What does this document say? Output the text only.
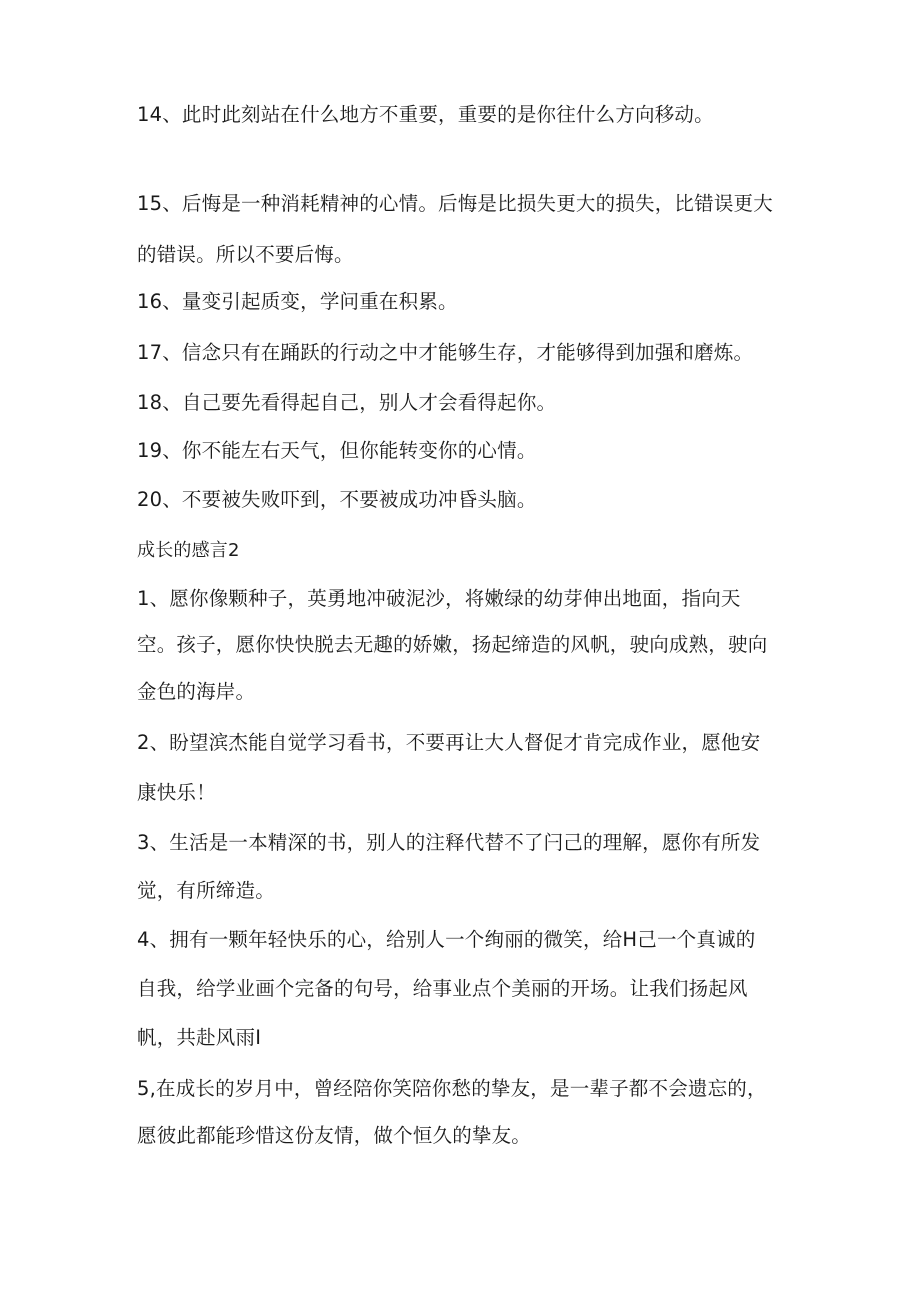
14、此时此刻站在什么地方不重要，重要的是你往什么方向移动。
15、后悔是一种消耗精神的心情。后悔是比损失更大的损失，比错误更大
的错误。所以不要后悔。
16、量变引起质变，学问重在积累。
17、信念只有在踊跃的行动之中才能够生存，才能够得到加强和磨炼。
18、自己要先看得起自己，别人才会看得起你。
19、你不能左右天气，但你能转变你的心情。
20、不要被失败吓到，不要被成功冲昏头脑。
成长的感言2
1、愿你像颗种子，英勇地冲破泥沙，将嫩绿的幼芽伸出地面，指向天
空。孩子，愿你快快脱去无趣的娇嫩，扬起缔造的风帆，驶向成熟，驶向
金色的海岸。
2、盼望滨杰能自觉学习看书，不要再让大人督促才肯完成作业，愿他安
康快乐！
3、生活是一本精深的书，别人的注释代替不了闩己的理解，愿你有所发
觉，有所缔造。
4、拥有一颗年轻快乐的心，给别人一个绚丽的微笑，给H己一个真诚的
自我，给学业画个完备的句号，给事业点个美丽的开场。让我们扬起风
帆，共赴风雨I
5,在成长的岁月中，曾经陪你笑陪你愁的挚友，是一辈子都不会遗忘的，
愿彼此都能珍惜这份友情，做个恒久的挚友。
